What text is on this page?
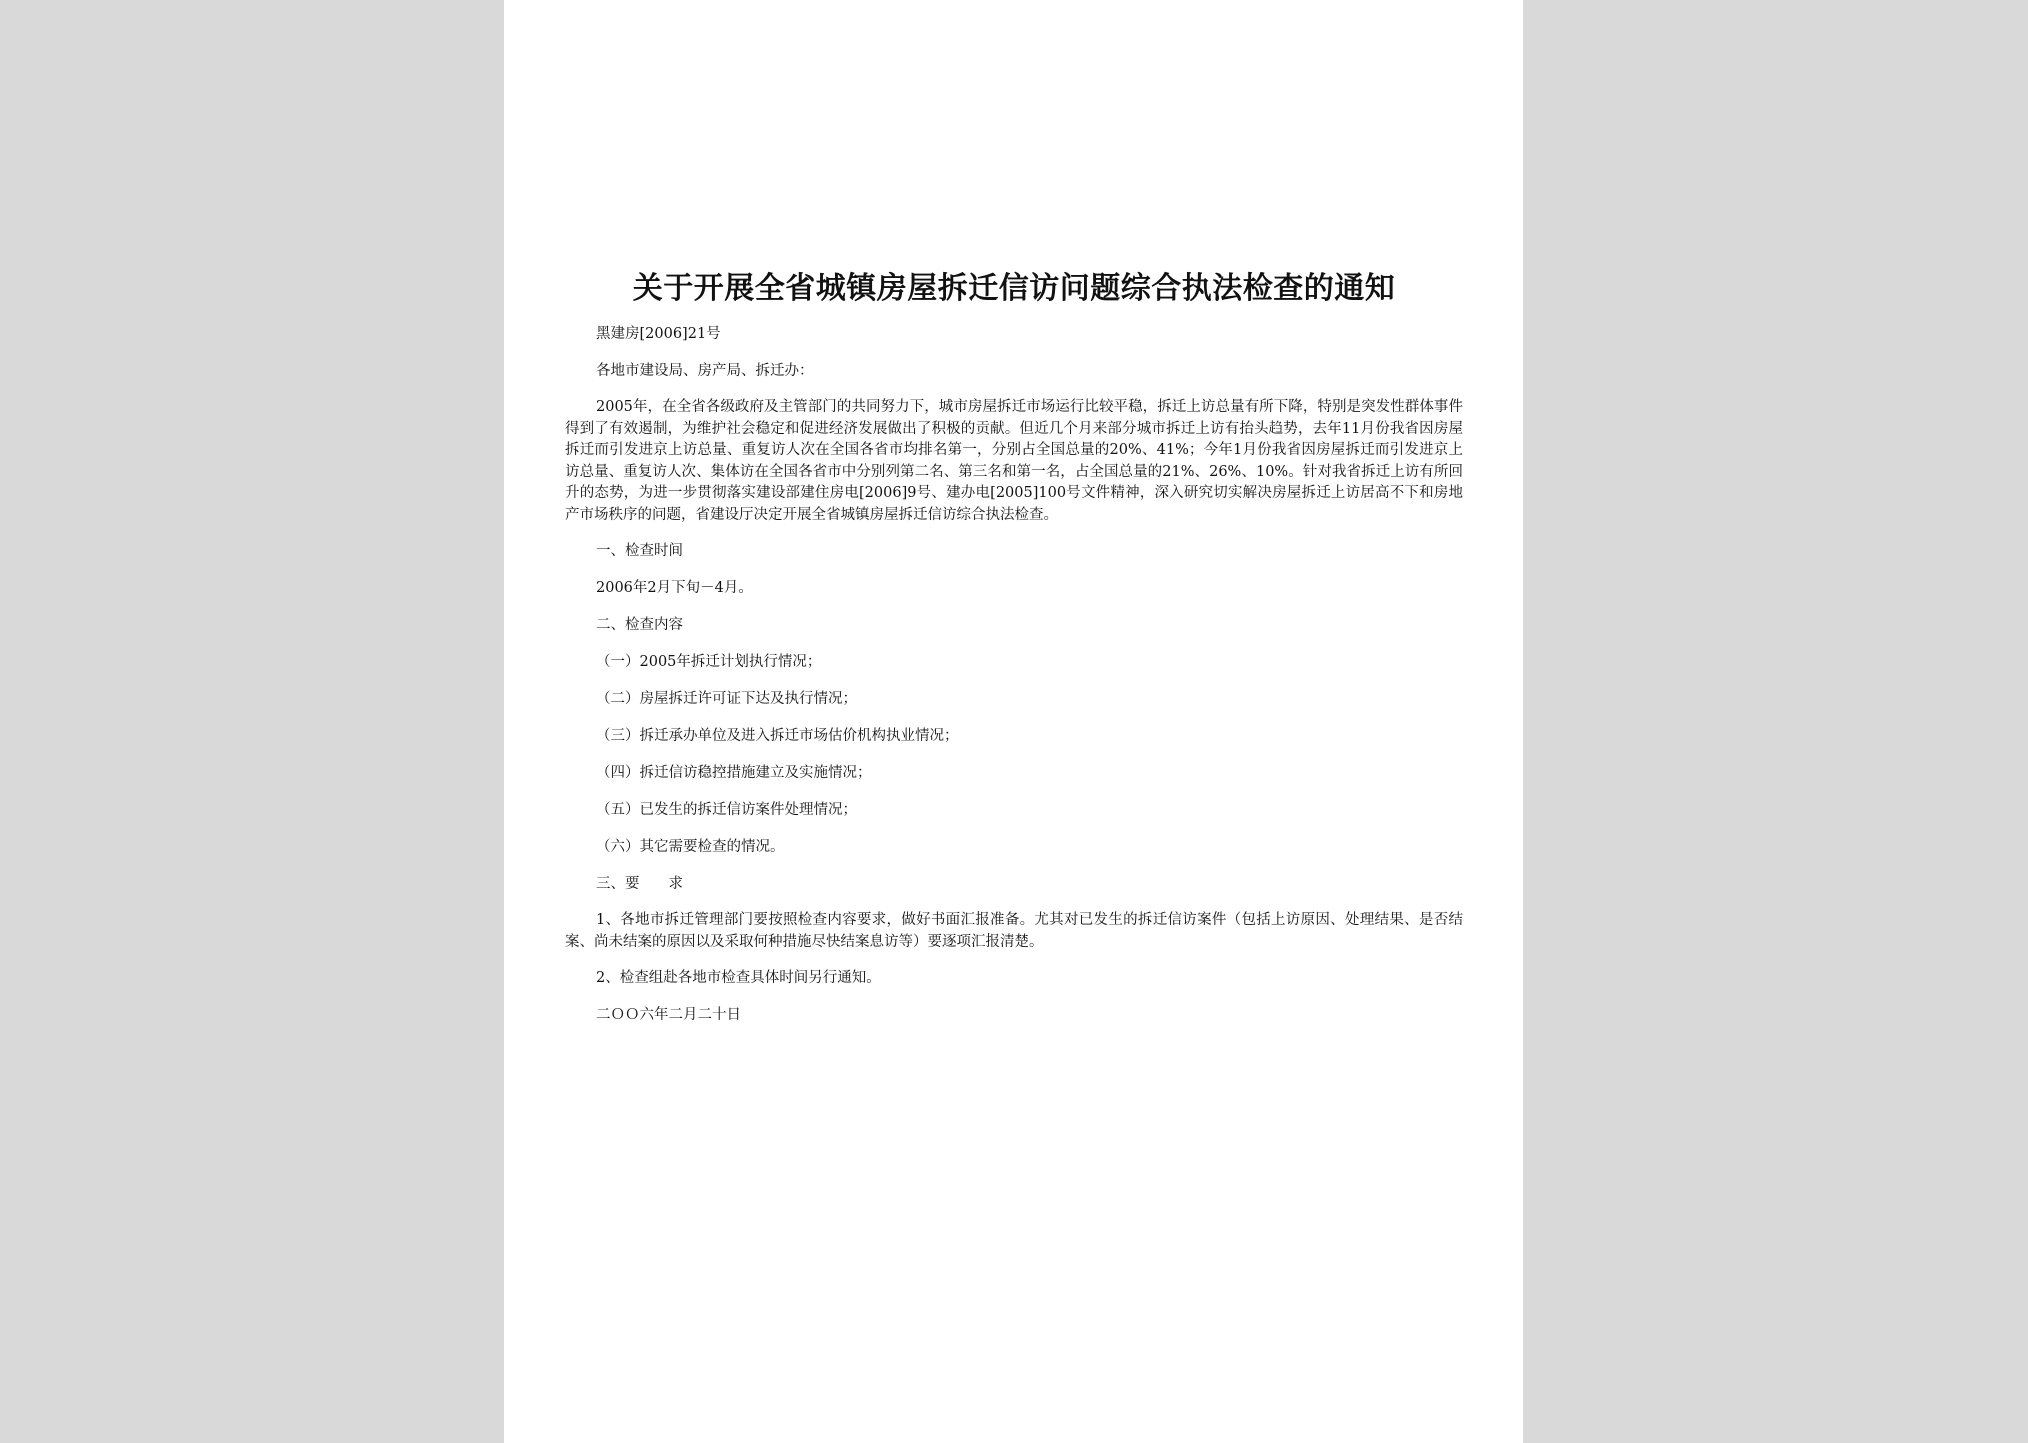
关于开展全省城镇房屋拆迁信访问题综合执法检查的通知

黑建房[2006]21号

各地市建设局、房产局、拆迁办：

2005年，在全省各级政府及主管部门的共同努力下，城市房屋拆迁市场运行比较平稳，拆迁上访总量有所下降，特别是突发性群体事件得到了有效遏制，为维护社会稳定和促进经济发展做出了积极的贡献。但近几个月来部分城市拆迁上访有抬头趋势，去年11月份我省因房屋拆迁而引发进京上访总量、重复访人次在全国各省市均排名第一，分别占全国总量的20%、41%；今年1月份我省因房屋拆迁而引发进京上访总量、重复访人次、集体访在全国各省市中分别列第二名、第三名和第一名，占全国总量的21%、26%、10%。针对我省拆迁上访有所回升的态势，为进一步贯彻落实建设部建住房电[2006]9号、建办电[2005]100号文件精神，深入研究切实解决房屋拆迁上访居高不下和房地产市场秩序的问题，省建设厅决定开展全省城镇房屋拆迁信访综合执法检查。

一、检查时间

2006年2月下旬－4月。

二、检查内容

（一）2005年拆迁计划执行情况；

（二）房屋拆迁许可证下达及执行情况；

（三）拆迁承办单位及进入拆迁市场估价机构执业情况；

（四）拆迁信访稳控措施建立及实施情况；

（五）已发生的拆迁信访案件处理情况；

（六）其它需要检查的情况。

三、要　　求

1、各地市拆迁管理部门要按照检查内容要求，做好书面汇报准备。尤其对已发生的拆迁信访案件（包括上访原因、处理结果、是否结案、尚未结案的原因以及采取何种措施尽快结案息访等）要逐项汇报清楚。

2、检查组赴各地市检查具体时间另行通知。

二ＯＯ六年二月二十日
